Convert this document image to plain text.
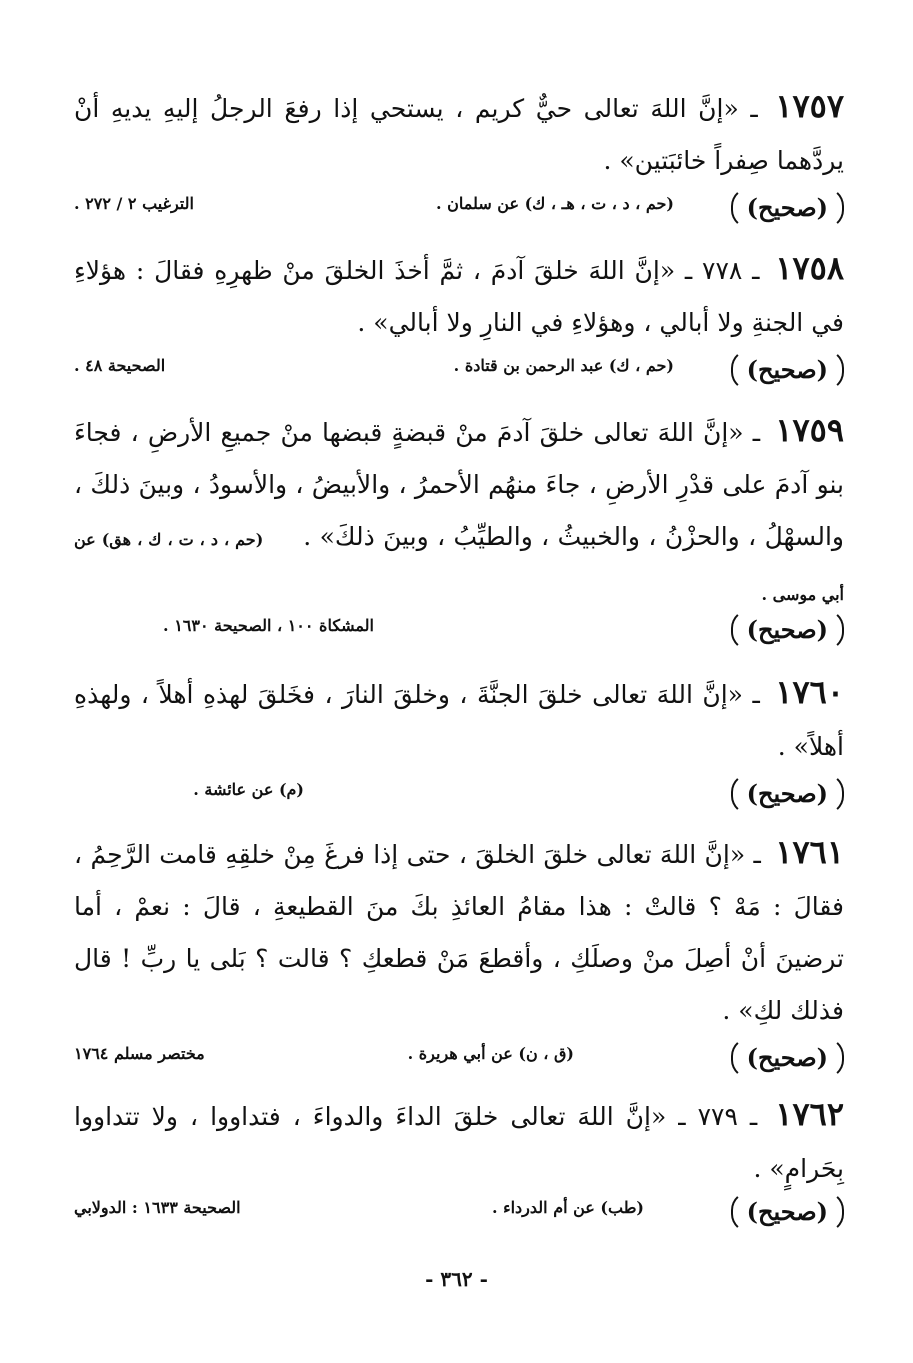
١٧٥٧ ـ «إنَّ اللهَ تعالى حيٌّ كريم ، يستحي إذا رفعَ الرجلُ إليهِ يديهِ أنْ يردَّهما صِفراً خائبَتين» .

(صحيح)
(حم ، د ، ت ، هـ ، ك) عن سلمان .
الترغيب ٢ / ٢٧٢ .

١٧٥٨ ـ ٧٧٨ ـ «إنَّ اللهَ خلقَ آدمَ ، ثمَّ أخذَ الخلقَ منْ ظهرِهِ فقالَ : هؤلاءِ في الجنةِ ولا أبالي ، وهؤلاءِ في النارِ ولا أبالي» .

(صحيح)
(حم ، ك) عبد الرحمن بن قتادة .
الصحيحة ٤٨ .

١٧٥٩ ـ «إنَّ اللهَ تعالى خلقَ آدمَ منْ قبضةٍ قبضها منْ جميعِ الأرضِ ، فجاءَ بنو آدمَ على قدْرِ الأرضِ ، جاءَ منهُم الأحمرُ ، والأبيضُ ، والأسودُ ، وبينَ ذلكَ ، والسهْلُ ، والحزْنُ ، والخبيثُ ، والطيِّبُ ، وبينَ ذلكَ» .(حم ، د ، ت ، ك ، هق) عن أبي موسى .

(صحيح)
المشكاة ١٠٠ ، الصحيحة ١٦٣٠ .

١٧٦٠ ـ «إنَّ اللهَ تعالى خلقَ الجنَّةَ ، وخلقَ النارَ ، فخَلقَ لهذهِ أهلاً ، ولهذهِ أهلاً» .

(صحيح)
(م) عن عائشة .

١٧٦١ ـ «إنَّ اللهَ تعالى خلقَ الخلقَ ، حتى إذا فرغَ مِنْ خلقِهِ قامت الرَّحِمُ ، فقالَ : مَهْ ؟ قالتْ : هذا مقامُ العائذِ بكَ منَ القطيعةِ ، قالَ : نعمْ ، أما ترضينَ أنْ أصِلَ منْ وصلَكِ ، وأقطعَ مَنْ قطعكِ ؟ قالت ؟ بَلى يا ربِّ ! قال فذلك لكِ» .

(صحيح)
(ق ، ن) عن أبي هريرة .
مختصر مسلم ١٧٦٤

١٧٦٢ ـ ٧٧٩ ـ «إنَّ اللهَ تعالى خلقَ الداءَ والدواءَ ، فتداووا ، ولا تتداووا بِحَرامٍ» .

(صحيح)
(طب) عن أم الدرداء .
الصحيحة ١٦٣٣ : الدولابي
- ٣٦٢ -
